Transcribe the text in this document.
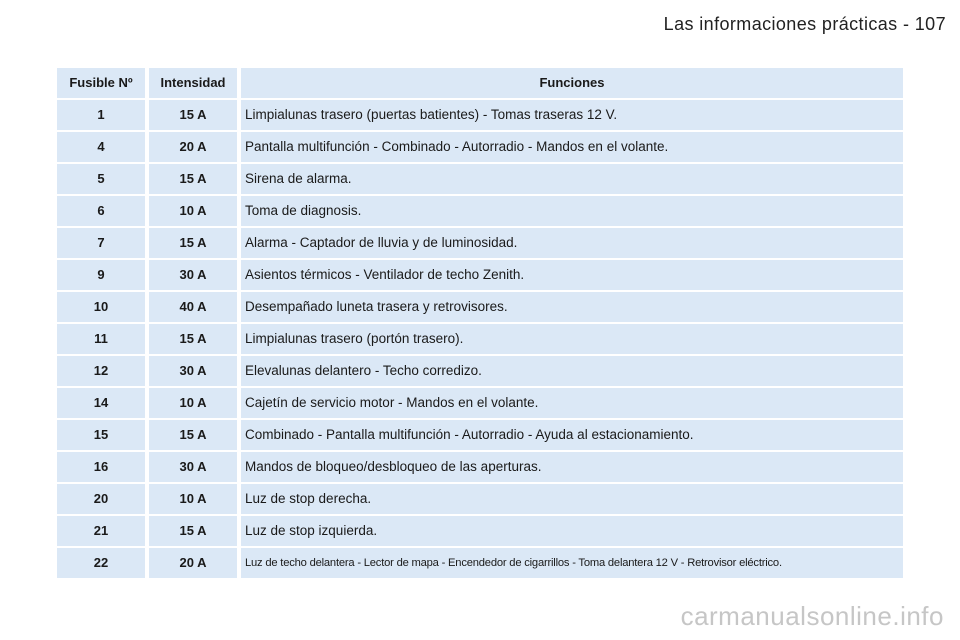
Las informaciones prácticas - 107
Fusible Nº	Intensidad	Funciones
1	15 A	Limpialunas trasero (puertas batientes) - Tomas traseras 12 V.
4	20 A	Pantalla multifunción - Combinado - Autorradio - Mandos en el volante.
5	15 A	Sirena de alarma.
6	10 A	Toma de diagnosis.
7	15 A	Alarma - Captador de lluvia y de luminosidad.
9	30 A	Asientos térmicos - Ventilador de techo Zenith.
10	40 A	Desempañado luneta trasera y retrovisores.
11	15 A	Limpialunas trasero (portón trasero).
12	30 A	Elevalunas delantero - Techo corredizo.
14	10 A	Cajetín de servicio motor - Mandos en el volante.
15	15 A	Combinado - Pantalla multifunción - Autorradio - Ayuda al estacionamiento.
16	30 A	Mandos de bloqueo/desbloqueo de las aperturas.
20	10 A	Luz de stop derecha.
21	15 A	Luz de stop izquierda.
22	20 A	Luz de techo delantera - Lector de mapa - Encendedor de cigarrillos - Toma delantera 12 V - Retrovisor eléctrico.
carmanualsonline.info
